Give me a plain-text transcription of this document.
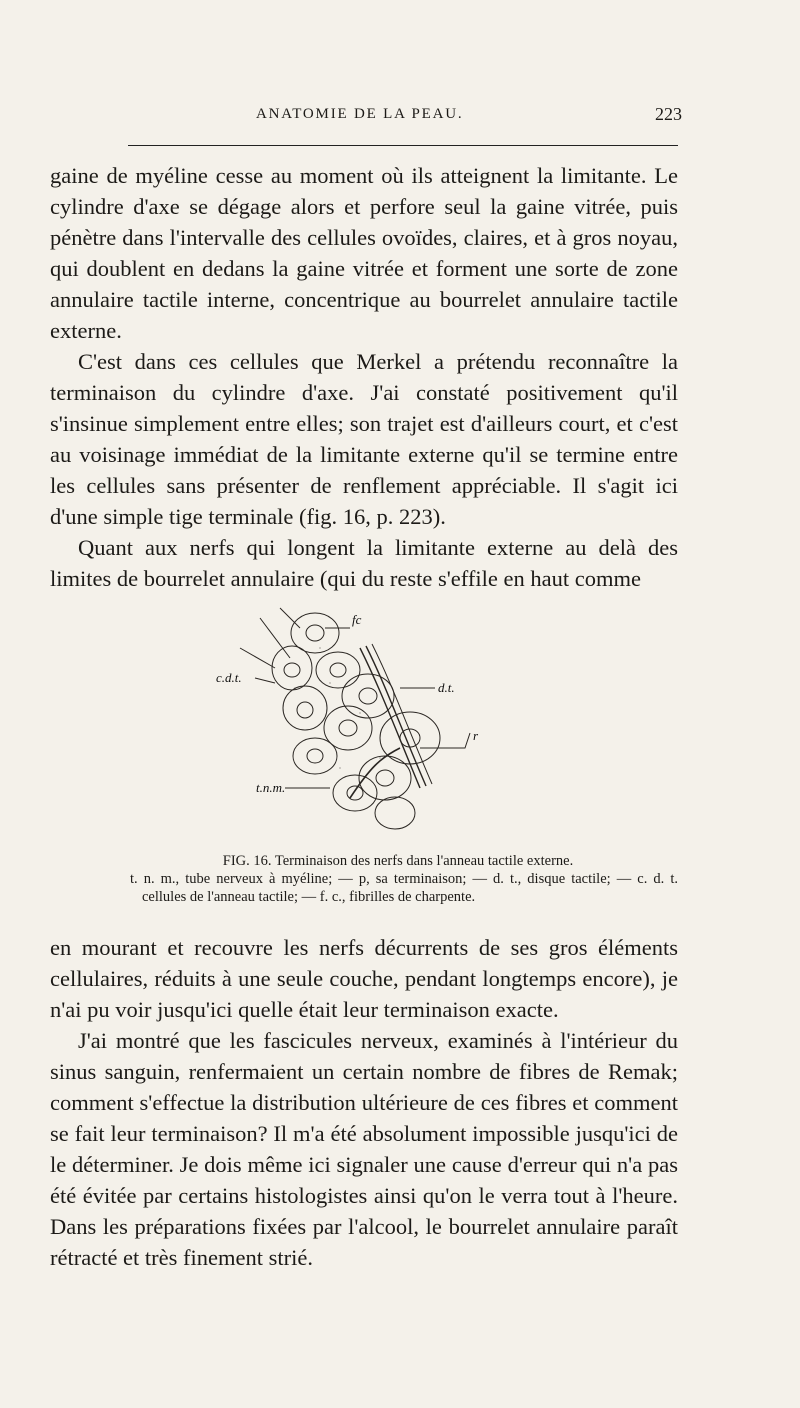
ANATOMIE DE LA PEAU.	223

gaine de myéline cesse au moment où ils atteignent la limitante. Le cylindre d'axe se dégage alors et perfore seul la gaine vitrée, puis pénètre dans l'intervalle des cellules ovoïdes, claires, et à gros noyau, qui doublent en dedans la gaine vitrée et forment une sorte de zone annulaire tactile interne, concentrique au bourrelet annulaire tactile externe.

C'est dans ces cellules que Merkel a prétendu reconnaître la terminaison du cylindre d'axe. J'ai constaté positivement qu'il s'insinue simplement entre elles; son trajet est d'ailleurs court, et c'est au voisinage immédiat de la limitante externe qu'il se termine entre les cellules sans présenter de renflement appréciable. Il s'agit ici d'une simple tige terminale (fig. 16, p. 223).

Quant aux nerfs qui longent la limitante externe au delà des limites de bourrelet annulaire (qui du reste s'effile en haut comme

fc
c.d.t.
d.t.
r
t.n.m.

FIG. 16. Terminaison des nerfs dans l'anneau tactile externe.

t. n. m., tube nerveux à myéline; — p, sa terminaison; — d. t., disque tactile; — c. d. t. cellules de l'anneau tactile; — f. c., fibrilles de charpente.

en mourant et recouvre les nerfs décurrents de ses gros éléments cellulaires, réduits à une seule couche, pendant longtemps encore), je n'ai pu voir jusqu'ici quelle était leur terminaison exacte.

J'ai montré que les fascicules nerveux, examinés à l'intérieur du sinus sanguin, renfermaient un certain nombre de fibres de Remak; comment s'effectue la distribution ultérieure de ces fibres et comment se fait leur terminaison? Il m'a été absolument impossible jusqu'ici de le déterminer. Je dois même ici signaler une cause d'erreur qui n'a pas été évitée par certains histologistes ainsi qu'on le verra tout à l'heure. Dans les préparations fixées par l'alcool, le bourrelet annulaire paraît rétracté et très finement strié.
